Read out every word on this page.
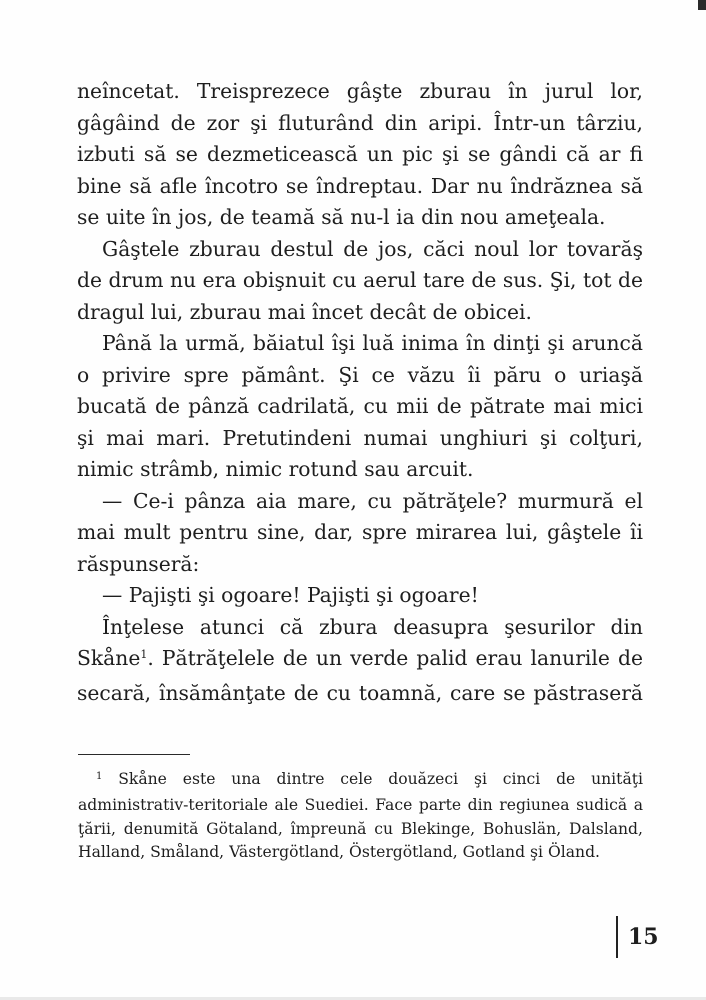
neîncetat. Treisprezece gâşte zburau în jurul lor, gâgâind de zor şi fluturând din aripi. Într-un târziu, izbuti să se dezmeticească un pic şi se gândi că ar fi bine să afle încotro se îndreptau. Dar nu îndrăznea să se uite în jos, de teamă să nu-l ia din nou ameţeala.

Gâştele zburau destul de jos, căci noul lor tovarăş de drum nu era obişnuit cu aerul tare de sus. Şi, tot de dragul lui, zburau mai încet decât de obicei.

Până la urmă, băiatul îşi luă inima în dinţi şi aruncă o privire spre pământ. Şi ce văzu îi păru o uriaşă bucată de pânză cadrilată, cu mii de pătrate mai mici şi mai mari. Pretutindeni numai unghiuri şi colţuri, nimic strâmb, nimic rotund sau arcuit.

— Ce-i pânza aia mare, cu pătrăţele? murmură el mai mult pentru sine, dar, spre mirarea lui, gâştele îi răspunseră:

— Pajişti şi ogoare! Pajişti şi ogoare!

Înţelese atunci că zbura deasupra şesurilor din Skåne$^1$. Pătrăţelele de un verde palid erau lanurile de secară, însămânţate de cu toamnă, care se păstraseră

$^1$ Skåne este una dintre cele douăzeci şi cinci de unităţi administrativ-teritoriale ale Suediei. Face parte din regiunea sudică a ţării, denumită Götaland, împreună cu Blekinge, Bohuslän, Dalsland, Halland, Småland, Västergötland, Östergötland, Gotland şi Öland.
15
